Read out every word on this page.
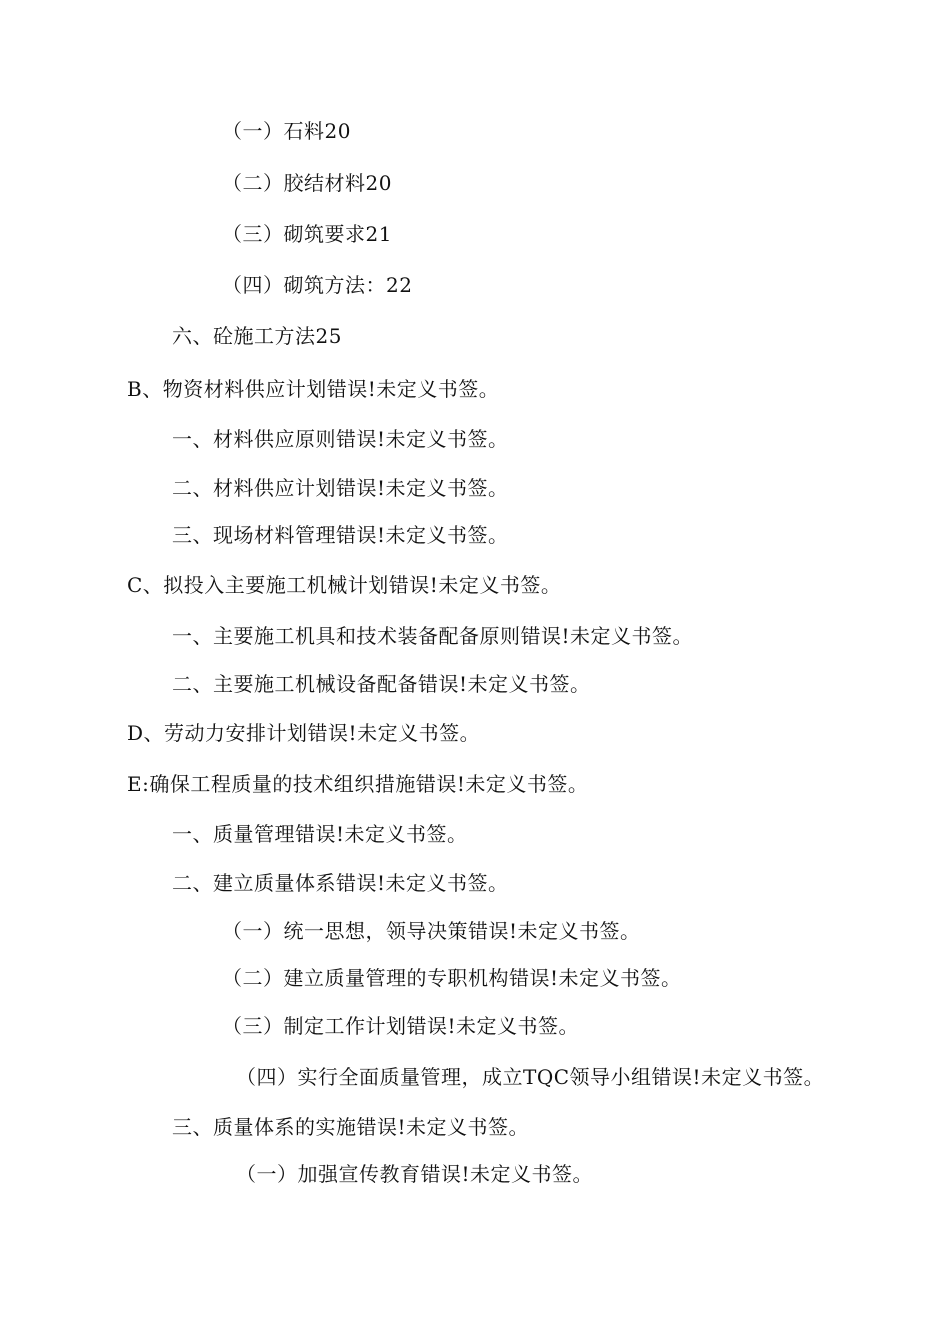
（一）石料20
（二）胶结材料20
（三）砌筑要求21
（四）砌筑方法：22
六、砼施工方法25
B、物资材料供应计划错误!未定义书签。
一、材料供应原则错误!未定义书签。
二、材料供应计划错误!未定义书签。
三、现场材料管理错误!未定义书签。
C、拟投入主要施工机械计划错误!未定义书签。
一、主要施工机具和技术装备配备原则错误!未定义书签。
二、主要施工机械设备配备错误!未定义书签。
D、劳动力安排计划错误!未定义书签。
E:确保工程质量的技术组织措施错误!未定义书签。
一、质量管理错误!未定义书签。
二、建立质量体系错误!未定义书签。
（一）统一思想，领导决策错误!未定义书签。
（二）建立质量管理的专职机构错误!未定义书签。
（三）制定工作计划错误!未定义书签。
（四）实行全面质量管理，成立TQC领导小组错误!未定义书签。
三、质量体系的实施错误!未定义书签。
（一）加强宣传教育错误!未定义书签。
